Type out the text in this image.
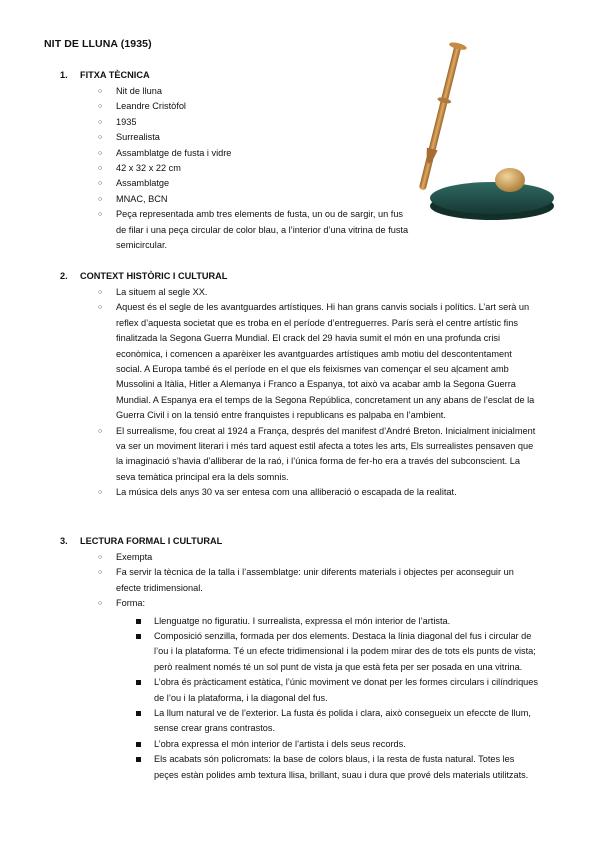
NIT DE LLUNA (1935)
1. FITXA TÈCNICA
○ Nit de lluna
○ Leandre Cristòfol
○ 1935
○ Surrealista
○ Assamblatge de fusta i vidre
○ 42 x 32 x 22 cm
○ Assamblatge
○ MNAC, BCN
○ Peça representada amb tres elements de fusta, un ou de sargir, un fus de filar i una peça circular de color blau, a l’interior d’una vitrina de fusta semicircular.
2. CONTEXT HISTÒRIC I CULTURAL
○ La situem al segle XX.
○ Aquest és el segle de les avantguardes artístiques. Hi han grans canvis socials i polítics. L’art serà un reflex d’aquesta societat que es troba en el període d’entreguerres. París serà el centre artístic fins finalitzada la Segona Guerra Mundial. El crack del 29 havia sumit el món en una profunda crisi econòmica, i comencen a aparèixer les avantguardes artístiques amb motiu del descontentament social. A Europa també és el període en el que els feixismes van començar el seu aļcament amb Mussolini a Itàlia, Hitler a Alemanya i Franco a Espanya, tot això va acabar amb la Segona Guerra Mundial. A Espanya era el temps de la Segona República, concretament un any abans de l’esclat de la Guerra Civil i on la tensió entre franquistes i republicans es palpaba en l’ambient.
○ El surrealisme, fou creat al 1924 a França, després del manifest d’André Breton. Inicialment inicialment va ser un moviment literari i més tard aquest estil afecta a totes les arts, Els surrealistes pensaven que la imaginació s’havia d’alliberar de la raó, i l’única forma de fer-ho era a través del subconscient. La seva temàtica principal era la dels somnis.
○ La música dels anys 30 va ser entesa com una alliberació o escapada de la realitat.
3. LECTURA FORMAL I CULTURAL
○ Exempta
○ Fa servir la tècnica de la talla i l’assemblatge: unir diferents materials i objectes per aconseguir un efecte tridimensional.
○ Forma:
Llenguatge no figuratiu. I surrealista, expressa el món interior de l’artista.
Composició senzilla, formada per dos elements. Destaca la línia diagonal del fus i circular de l’ou i la plataforma. Té un efecte tridimensional i la podem mirar des de tots els punts de vista; però realment només té un sol punt de vista ja que està feta per ser posada en una vitrina.
L’obra és pràcticament estàtica, l’únic moviment ve donat per les formes circulars i cilíndriques de l’ou i la plataforma, i la diagonal del fus.
La llum natural ve de l’exterior. La fusta és polida i clara, això consegueix un efeccte de llum, sense crear grans contrastos.
L’obra expressa el món interior de l’artista i dels seus records.
Els acabats són policromats: la base de colors blaus, i la resta de fusta natural. Totes les peçes estàn polides amb textura llisa, brillant, suau i dura que prové dels materials utilitzats.
